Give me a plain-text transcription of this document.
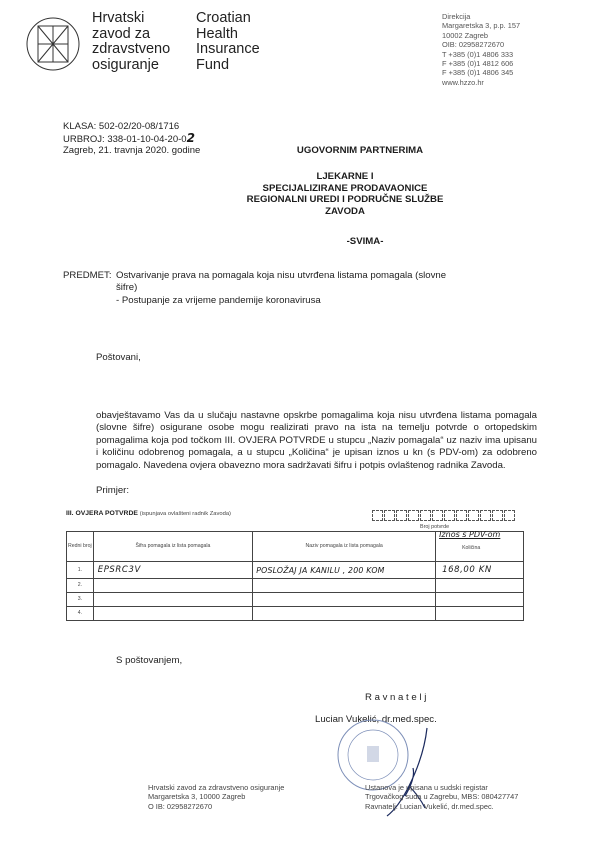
Hrvatski
zavod za
zdravstveno
osiguranje
Croatian
Health
Insurance
Fund
Direkcija
Margaretska 3, p.p. 157
10002 Zagreb
OIB: 02958272670
T +385 (0)1 4806 333
F +385 (0)1 4812 606
F +385 (0)1 4806 345
www.hzzo.hr
KLASA: 502-02/20-08/1716
URBROJ: 338-01-10-04-20-02
Zagreb, 21. travnja 2020. godine	UGOVORNIM PARTNERIMA
LJEKARNE I
SPECIJALIZIRANE PRODAVAONICE
REGIONALNI UREDI I PODRUČNE SLUŽBE
ZAVODA
-SVIMA-
PREDMET: Ostvarivanje prava na pomagala koja nisu utvrđena listama pomagala (slovne
šifre)
- Postupanje za vrijeme pandemije koronavirusa
Poštovani,
obavještavamo Vas da u slučaju nastavne opskrbe pomagalima koja nisu utvrđena listama pomagala (slovne šifre) osigurane osobe mogu realizirati pravo na ista na temelju potvrde o ortopedskim pomagalima koja pod točkom III. OVJERA POTVRDE u stupcu „Naziv pomagala“ uz naziv ima upisanu i količinu odobrenog pomagala, a u stupcu „Količina“ je upisan iznos u kn (s PDV-om) za odobreno pomagalo. Navedena ovjera obavezno mora sadržavati šifru i potpis ovlaštenog radnika Zavoda.
Primjer:
III. OVJERA POTVRDE (ispunjava ovlašteni radnik Zavoda)
Broj potvrde
Redni broj	Šifra pomagala iz lista pomagala	Naziv pomagala iz lista pomagala	Iznos s PDV-om
Količina

1.	EPSRC3V	POSLOŽAJ JA KANILU , 200 KOM	168,00 KN
2.			
3.			
4.			
S poštovanjem,
R a v n a t e l j
Lucian Vukelić, dr.med.spec.
Hrvatski zavod za zdravstveno osiguranje
Margaretska 3, 10000 Zagreb
O IB: 02958272670
Ustanova je upisana u sudski registar
Trgovačkog suda u Zagrebu, MBS: 080427747
Ravnatelj: Lucian Vukelić, dr.med.spec.
